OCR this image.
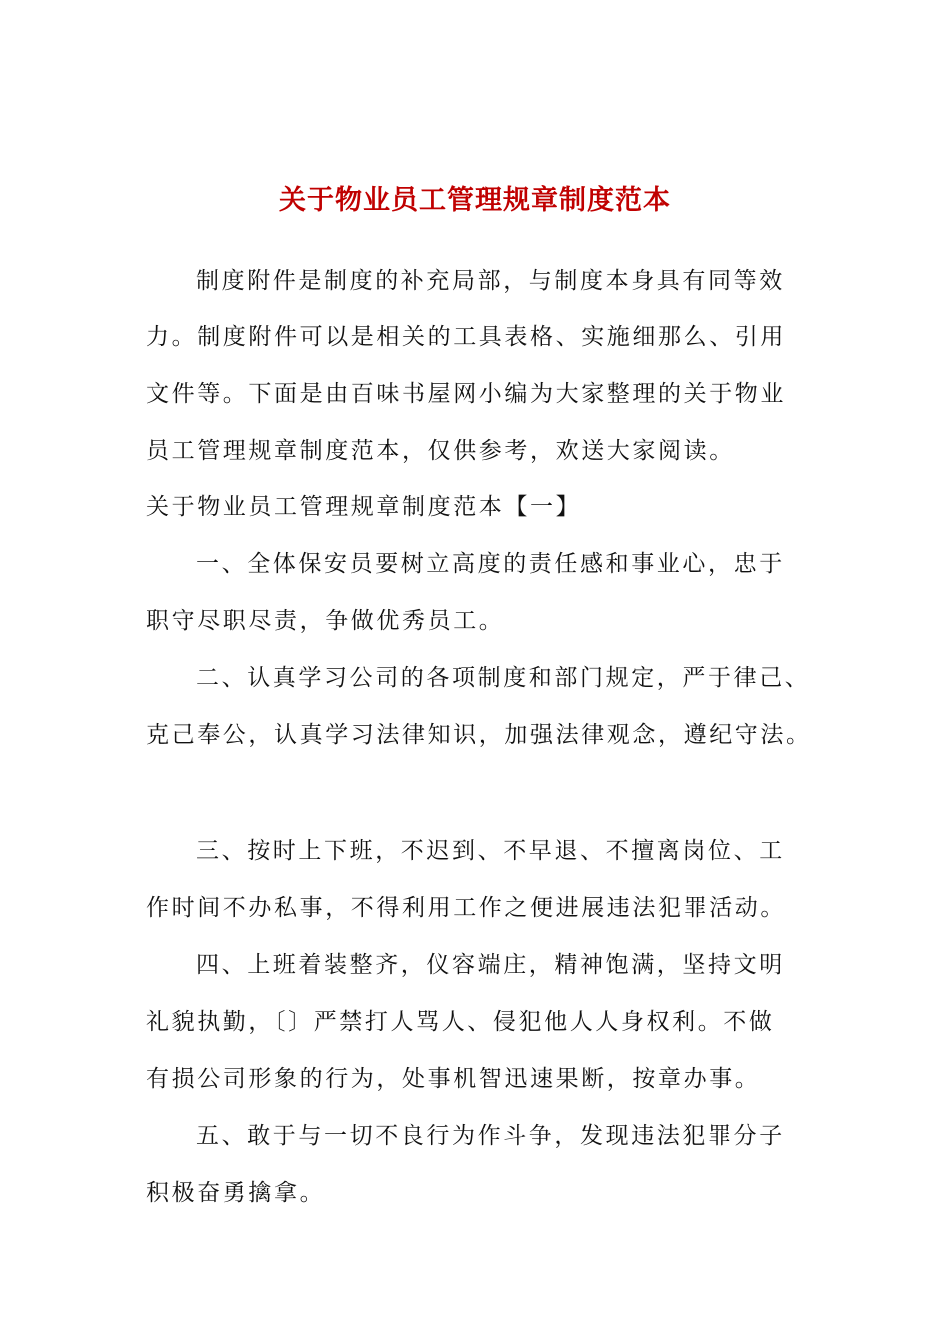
关于物业员工管理规章制度范本
制度附件是制度的补充局部，与制度本身具有同等效
力。制度附件可以是相关的工具表格、实施细那么、引用
文件等。下面是由百味书屋网小编为大家整理的关于物业
员工管理规章制度范本，仅供参考，欢送大家阅读。
关于物业员工管理规章制度范本【一】
一、全体保安员要树立高度的责任感和事业心，忠于
职守尽职尽责，争做优秀员工。
二、认真学习公司的各项制度和部门规定，严于律己、
克己奉公，认真学习法律知识，加强法律观念，遵纪守法。
三、按时上下班，不迟到、不早退、不擅离岗位、工
作时间不办私事，不得利用工作之便进展违法犯罪活动。
四、上班着装整齐，仪容端庄，精神饱满，坚持文明
礼貌执勤，〔〕严禁打人骂人、侵犯他人人身权利。不做
有损公司形象的行为，处事机智迅速果断，按章办事。
五、敢于与一切不良行为作斗争，发现违法犯罪分子
积极奋勇擒拿。
